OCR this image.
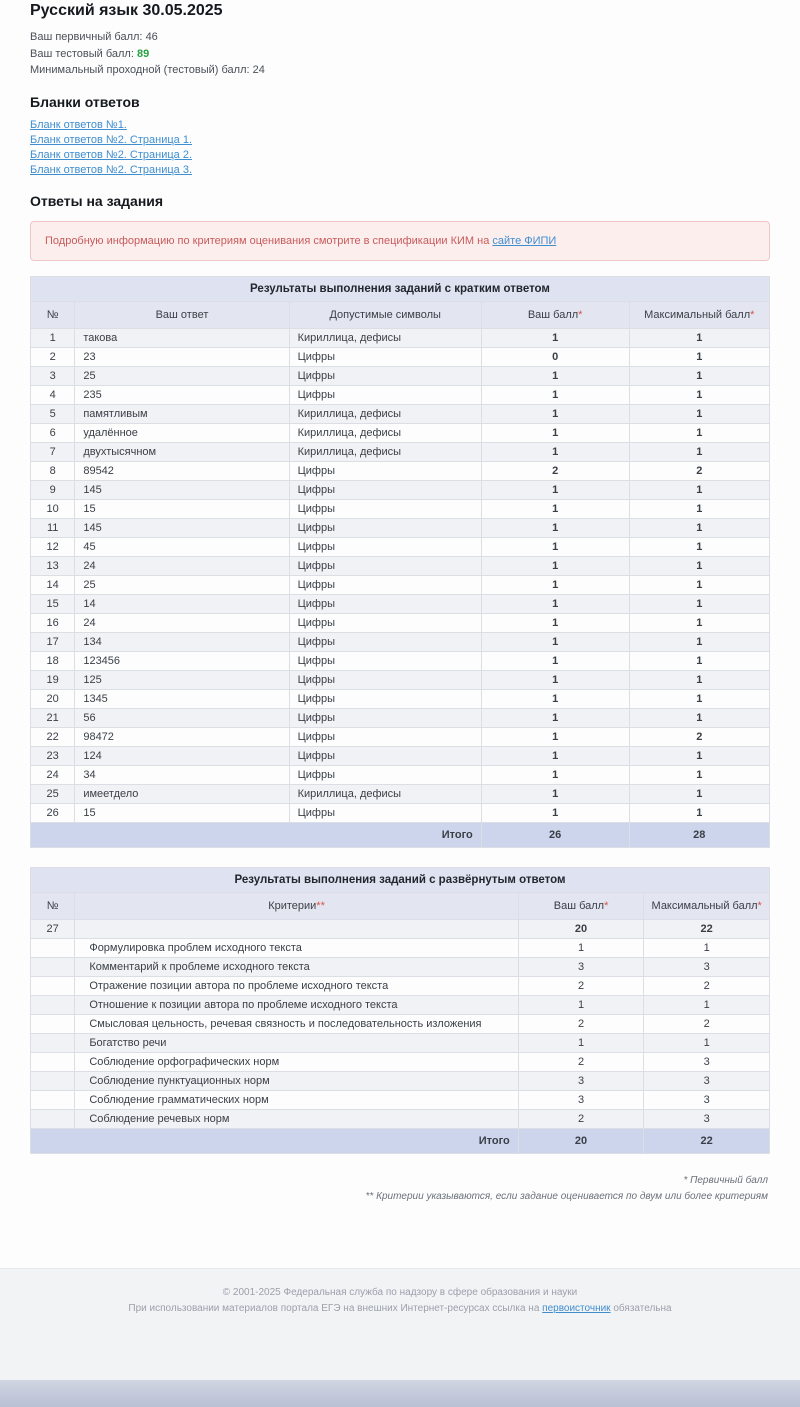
Русский язык 30.05.2025
Ваш первичный балл: 46
Ваш тестовый балл: 89
Минимальный проходной (тестовый) балл: 24
Бланки ответов
Бланк ответов №1.
Бланк ответов №2. Страница 1.
Бланк ответов №2. Страница 2.
Бланк ответов №2. Страница 3.
Ответы на задания
Подробную информацию по критериям оценивания смотрите в спецификации КИМ на сайте ФИПИ
Результаты выполнения заданий с кратким ответом				
№	Ваш ответ	Допустимые символы	Ваш балл*	Максимальный балл*
1	такова	Кириллица, дефисы	1	1
2	23	Цифры	0	1
3	25	Цифры	1	1
4	235	Цифры	1	1
5	памятливым	Кириллица, дефисы	1	1
6	удалённое	Кириллица, дефисы	1	1
7	двухтысячном	Кириллица, дефисы	1	1
8	89542	Цифры	2	2
9	145	Цифры	1	1
10	15	Цифры	1	1
11	145	Цифры	1	1
12	45	Цифры	1	1
13	24	Цифры	1	1
14	25	Цифры	1	1
15	14	Цифры	1	1
16	24	Цифры	1	1
17	134	Цифры	1	1
18	123456	Цифры	1	1
19	125	Цифры	1	1
20	1345	Цифры	1	1
21	56	Цифры	1	1
22	98472	Цифры	1	2
23	124	Цифры	1	1
24	34	Цифры	1	1
25	имеетдело	Кириллица, дефисы	1	1
26	15	Цифры	1	1
Итого			26	28
Результаты выполнения заданий с развёрнутым ответом			
№	Критерии**	Ваш балл*	Максимальный балл*
27		20	22
	Формулировка проблем исходного текста	1	1
	Комментарий к проблеме исходного текста	3	3
	Отражение позиции автора по проблеме исходного текста	2	2
	Отношение к позиции автора по проблеме исходного текста	1	1
	Смысловая цельность, речевая связность и последовательность изложения	2	2
	Богатство речи	1	1
	Соблюдение орфографических норм	2	3
	Соблюдение пунктуационных норм	3	3
	Соблюдение грамматических норм	3	3
	Соблюдение речевых норм	2	3
Итого		20	22
* Первичный балл
** Критерии указываются, если задание оценивается по двум или более критериям
© 2001-2025 Федеральная служба по надзору в сфере образования и науки
При использовании материалов портала ЕГЭ на внешних Интернет-ресурсах ссылка на первоисточник обязательна
